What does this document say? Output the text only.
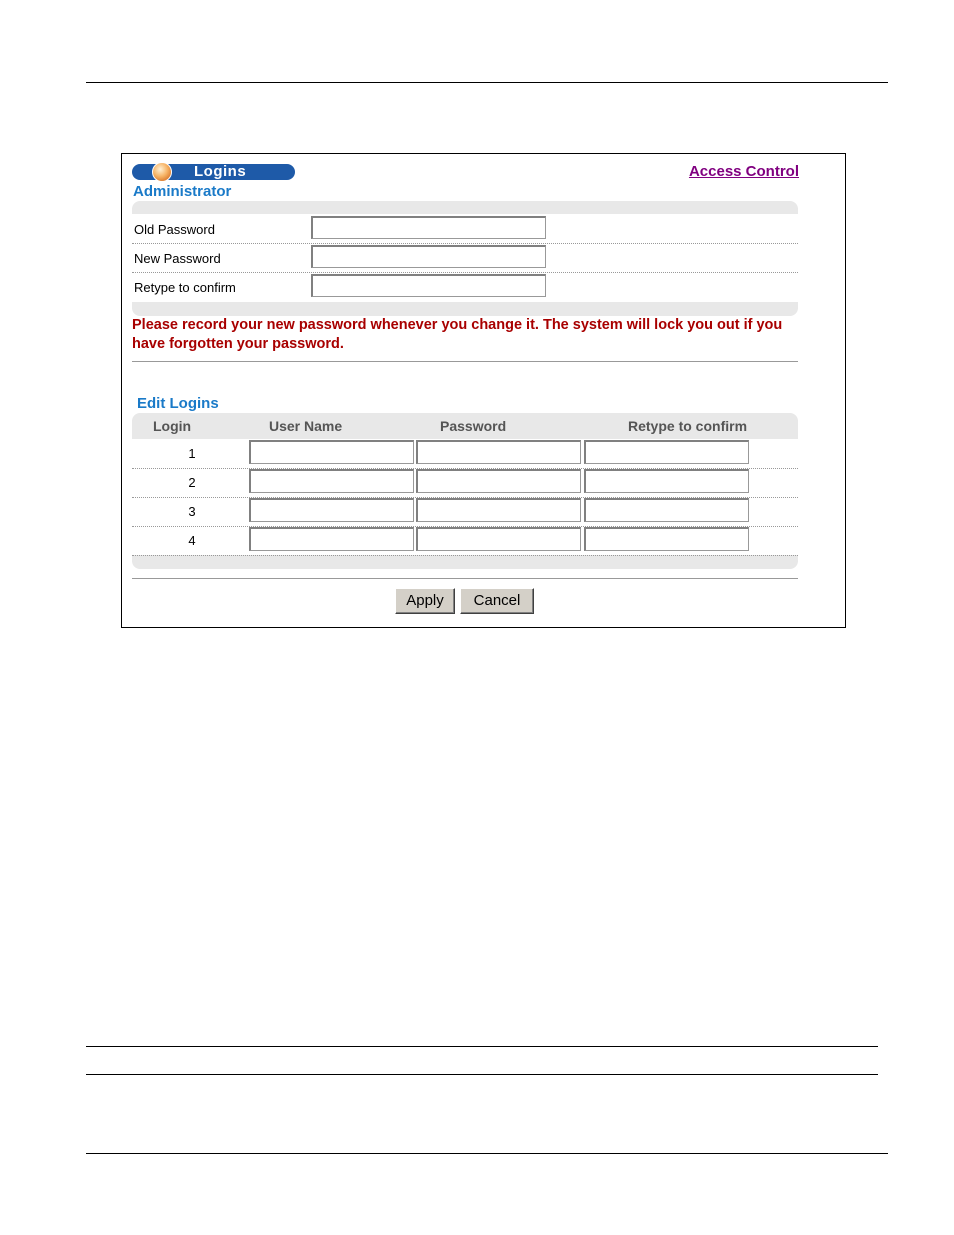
Logins	Access Control
Administrator
Old Password
New Password
Retype to confirm
Please record your new password whenever you change it. The system will lock you out if you have forgotten your password.
Edit Logins
Login	User Name	Password	Retype to confirm
1
2
3
4
Apply	Cancel
